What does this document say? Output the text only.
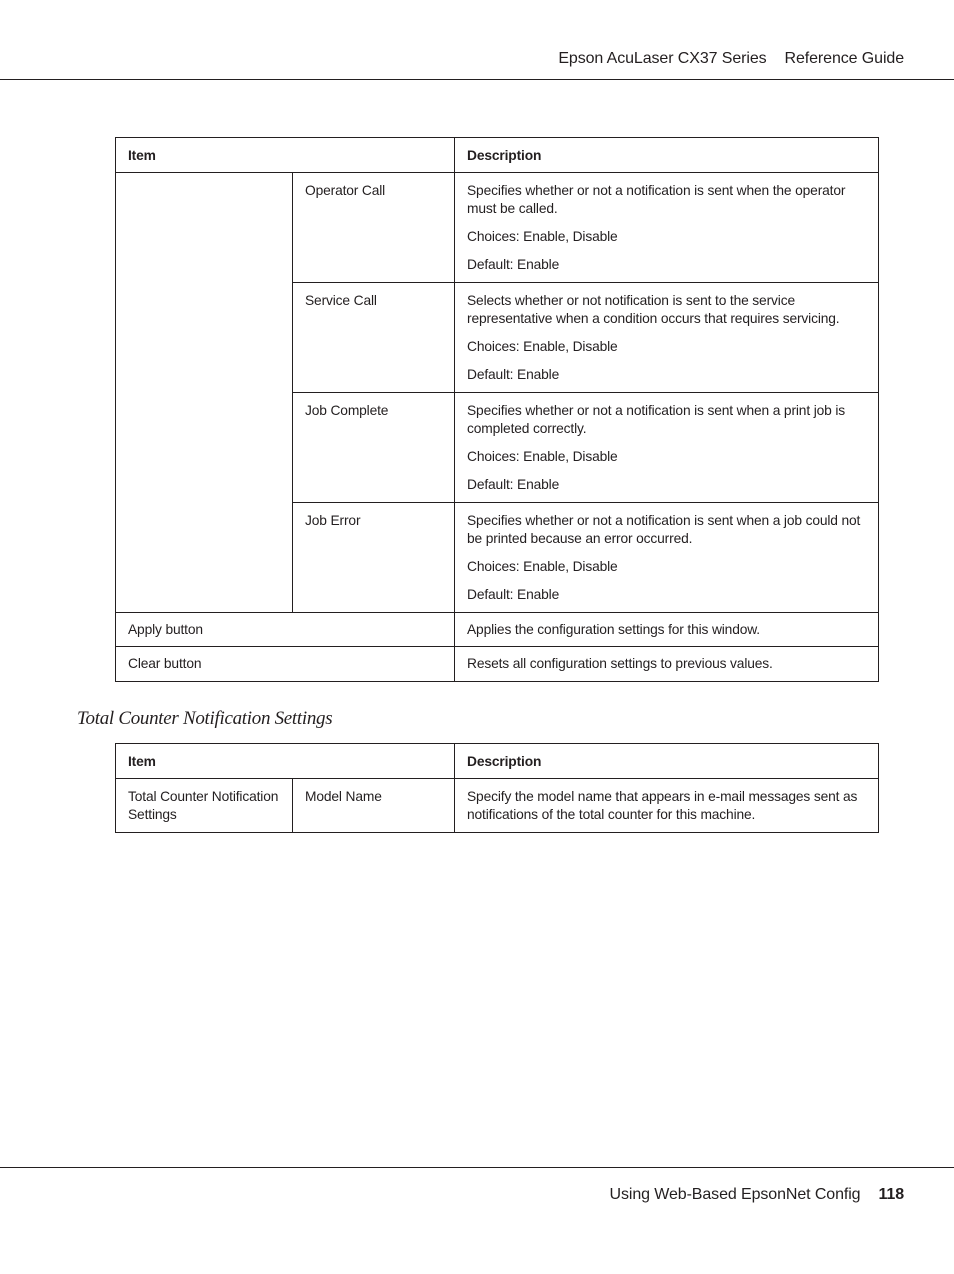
Epson AcuLaser CX37 Series Reference Guide
Item		Description
	Operator Call	Specifies whether or not a notification is sent when the operator must be called.

Choices: Enable, Disable

Default: Enable

	Service Call	Selects whether or not notification is sent to the service representative when a condition occurs that requires servicing.

Choices: Enable, Disable

Default: Enable

	Job Complete	Specifies whether or not a notification is sent when a print job is completed correctly.

Choices: Enable, Disable

Default: Enable

	Job Error	Specifies whether or not a notification is sent when a job could not be printed because an error occurred.

Choices: Enable, Disable

Default: Enable

Apply button		Applies the configuration settings for this window.
Clear button		Resets all configuration settings to previous values.
Total Counter Notification Settings
Item		Description
Total Counter Notification Settings	Model Name	Specify the model name that appears in e-mail messages sent as notifications of the total counter for this machine.
Using Web-Based EpsonNet Config 118
